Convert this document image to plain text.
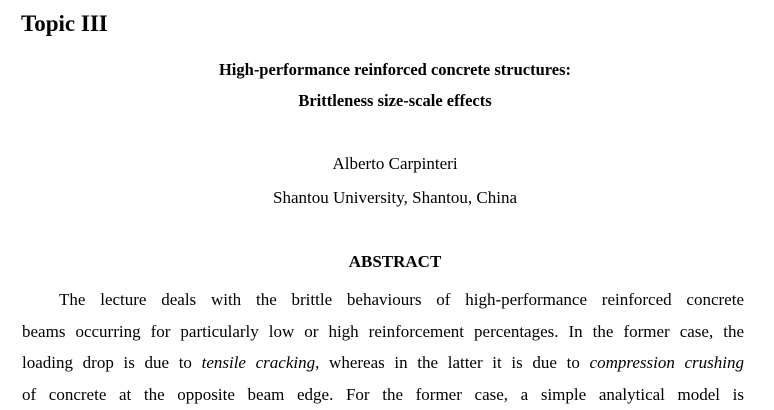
Topic III

High-performance reinforced concrete structures:

Brittleness size-scale effects

Alberto Carpinteri

Shantou University, Shantou, China

ABSTRACT

The lecture deals with the brittle behaviours of high-performance reinforced concrete
beams occurring for particularly low or high reinforcement percentages. In the former case, the
loading drop is due to tensile cracking, whereas in the latter it is due to compression crushing
of concrete at the opposite beam edge. For the former case, a simple analytical model is
